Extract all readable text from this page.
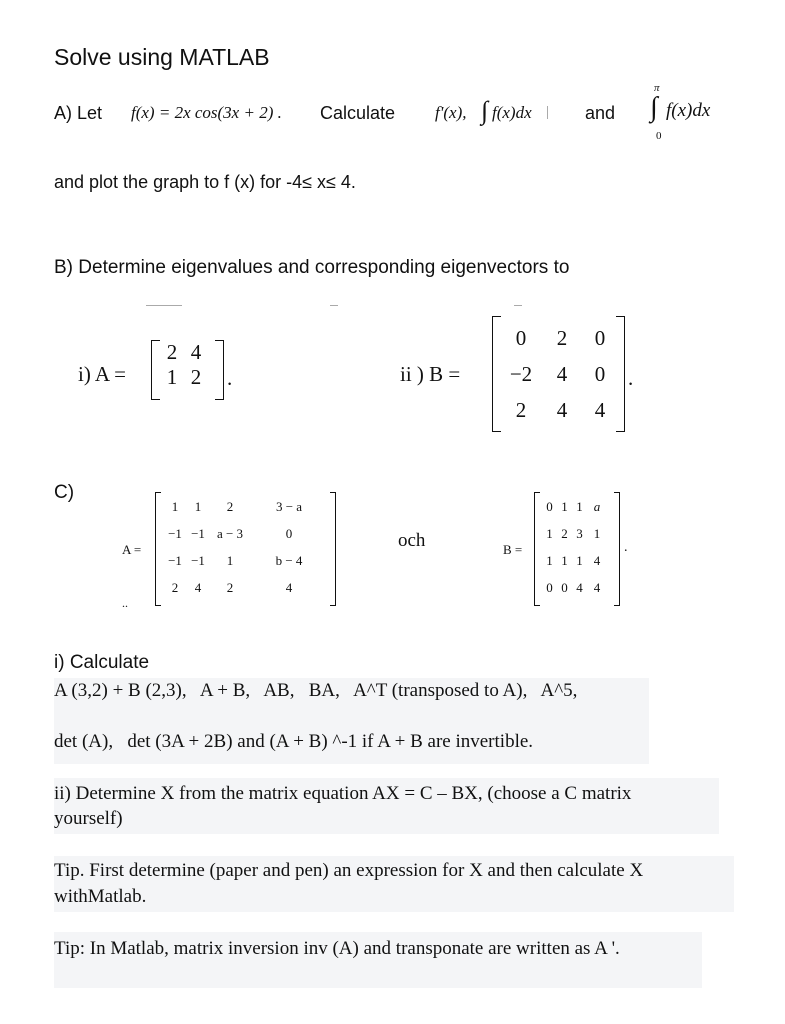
Solve using MATLAB
A) Let f(x) = 2x cos(3x + 2) . Calculate f'(x), ∫ f(x)dx	and
π
∫
0
f(x)dx
and plot the graph to f (x) for -4≤ x≤ 4.
B) Determine eigenvalues and corresponding eigenvectors to
i) A =
2	4
1	2 .	ii ) B =
0	2	0
−2	4	0
2	4	4
.
C)
A =
1	1	2	3 − a
−1	−1	a − 3	0
−1	−1	1	b − 4
2	4	2	4
..
och	B =
0	1	1	a
1	2	3	1
1	1	1	4
0	0	4	4
.
i) Calculate
A (3,2) + B (2,3),   A + B,   AB,   BA,   A^T (transposed to A),   A^5,
det (A),   det (3A + 2B) and (A + B) ^-1 if A + B are invertible.
ii) Determine X from the matrix equation AX = C – BX, (choose a C matrix
yourself)
Tip. First determine (paper and pen) an expression for X and then calculate X
withMatlab.
Tip: In Matlab, matrix inversion inv (A) and transponate are written as A '.
